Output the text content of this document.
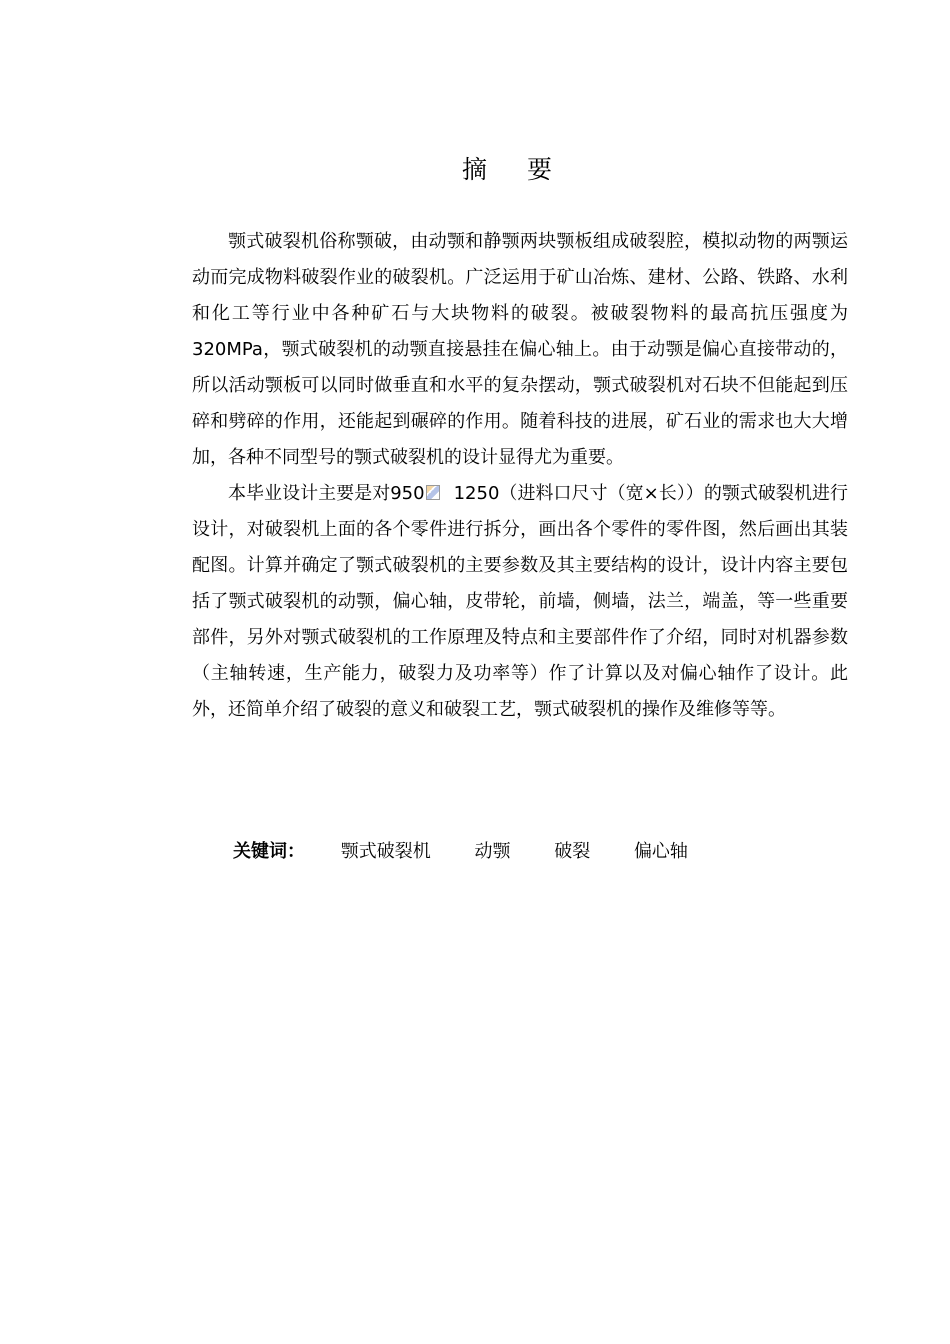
摘 要

颚式破裂机俗称颚破，由动颚和静颚两块颚板组成破裂腔，模拟动物的两颚运动而完成物料破裂作业的破裂机。广泛运用于矿山冶炼、建材、公路、铁路、水利和化工等行业中各种矿石与大块物料的破裂。被破裂物料的最高抗压强度为320MPa，颚式破裂机的动颚直接悬挂在偏心轴上。由于动颚是偏心直接带动的，所以活动颚板可以同时做垂直和水平的复杂摆动，颚式破裂机对石块不但能起到压碎和劈碎的作用，还能起到碾碎的作用。随着科技的进展，矿石业的需求也大大增加，各种不同型号的颚式破裂机的设计显得尤为重要。

本毕业设计主要是对950 1250（进料口尺寸（宽×长））的颚式破裂机进行设计，对破裂机上面的各个零件进行拆分，画出各个零件的零件图，然后画出其装配图。计算并确定了颚式破裂机的主要参数及其主要结构的设计，设计内容主要包括了颚式破裂机的动颚，偏心轴，皮带轮，前墙，侧墙，法兰，端盖，等一些重要部件，另外对颚式破裂机的工作原理及特点和主要部件作了介绍，同时对机器参数（主轴转速，生产能力，破裂力及功率等）作了计算以及对偏心轴作了设计。此外，还简单介绍了破裂的意义和破裂工艺，颚式破裂机的操作及维修等等。

关键词： 颚式破裂机 动颚 破裂 偏心轴
